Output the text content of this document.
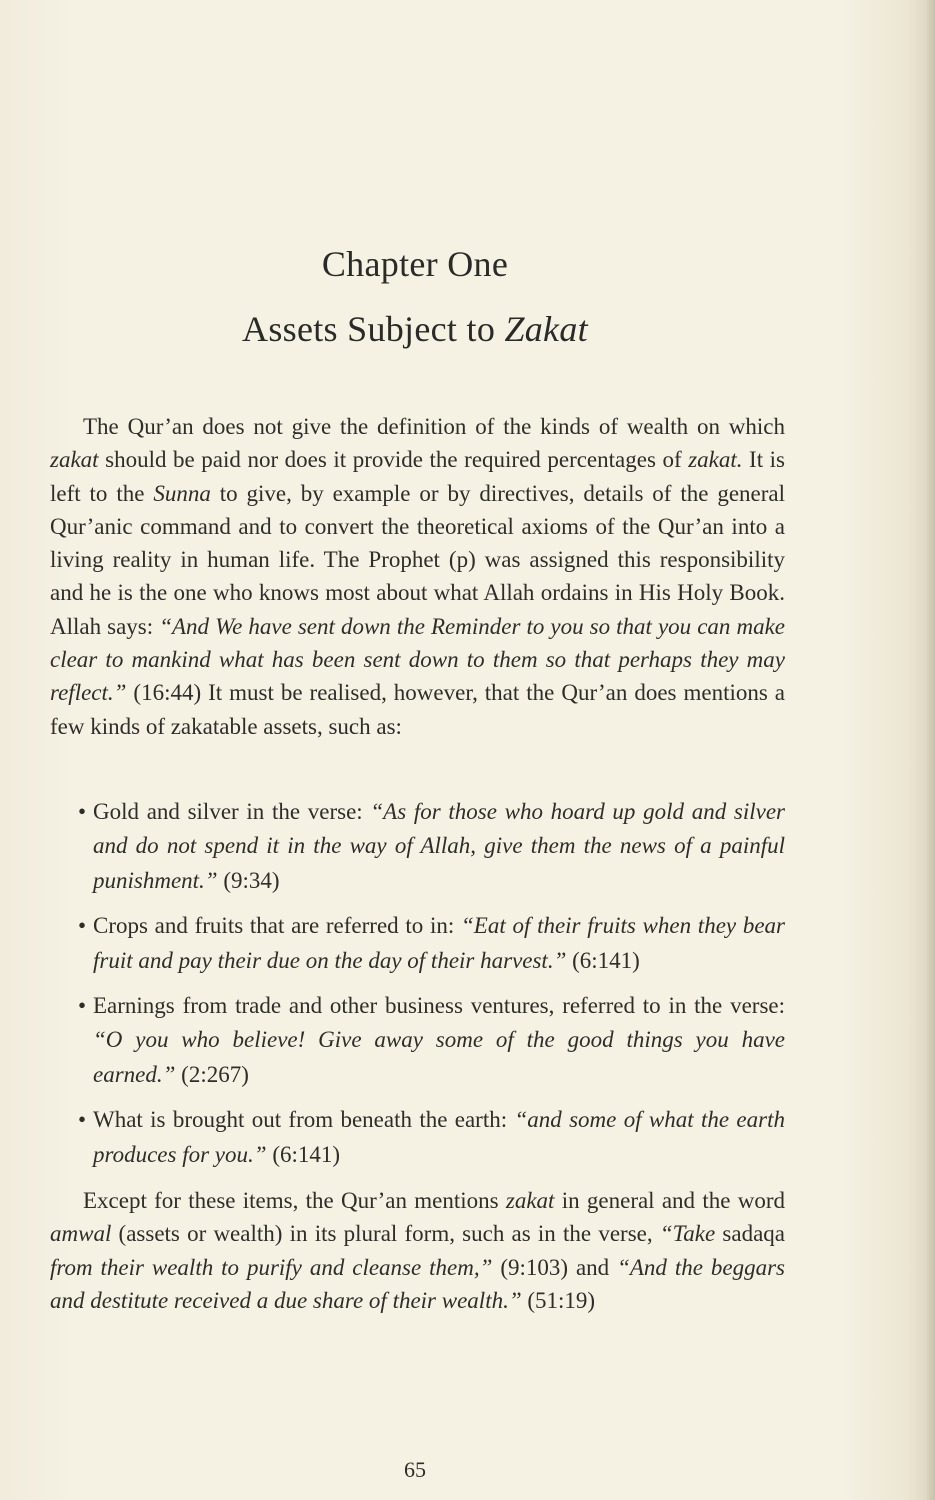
Chapter One
Assets Subject to Zakat

The Qur’an does not give the definition of the kinds of wealth on which zakat should be paid nor does it provide the required percentages of zakat. It is left to the Sunna to give, by example or by directives, details of the general Qur’anic command and to convert the theoretical axioms of the Qur’an into a living reality in human life. The Prophet (p) was assigned this responsibility and he is the one who knows most about what Allah ordains in His Holy Book. Allah says: “And We have sent down the Reminder to you so that you can make clear to mankind what has been sent down to them so that perhaps they may reflect.” (16:44) It must be realised, however, that the Qur’an does mentions a few kinds of zakatable assets, such as:

• Gold and silver in the verse: “As for those who hoard up gold and silver and do not spend it in the way of Allah, give them the news of a painful punishment.” (9:34)
• Crops and fruits that are referred to in: “Eat of their fruits when they bear fruit and pay their due on the day of their harvest.” (6:141)
• Earnings from trade and other business ventures, referred to in the verse: “O you who believe! Give away some of the good things you have earned.” (2:267)
• What is brought out from beneath the earth: “and some of what the earth produces for you.” (6:141)

Except for these items, the Qur’an mentions zakat in general and the word amwal (assets or wealth) in its plural form, such as in the verse, “Take sadaqa from their wealth to purify and cleanse them,” (9:103) and “And the beggars and destitute received a due share of their wealth.” (51:19)

65
